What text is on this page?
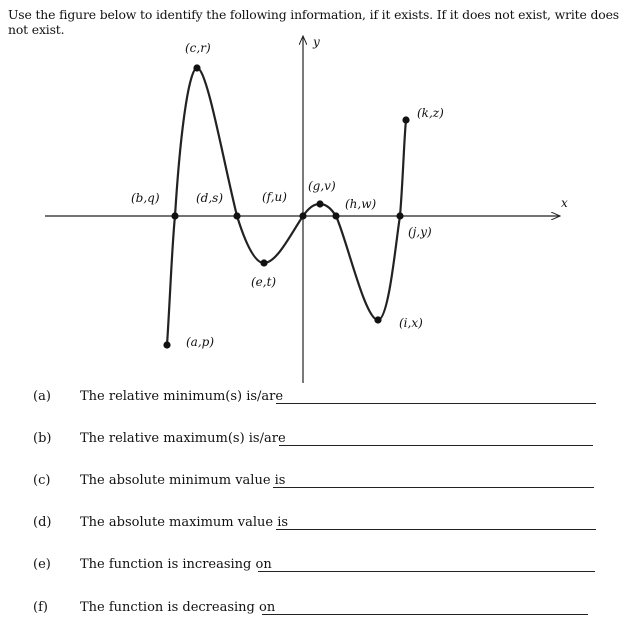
Use the figure below to identify the following information, if it exists. If it does not exist, write does not exist.
x
y
(a,p)
(b,q)
(c,r)
(d,s)
(e,t)
(f,u)
(g,v)
(h,w)
(i,x)
(j,y)
(k,z)
(a) The relative minimum(s) is/are
(b) The relative maximum(s) is/are
(c) The absolute minimum value is
(d) The absolute maximum value is
(e) The function is increasing on
(f) The function is decreasing on
